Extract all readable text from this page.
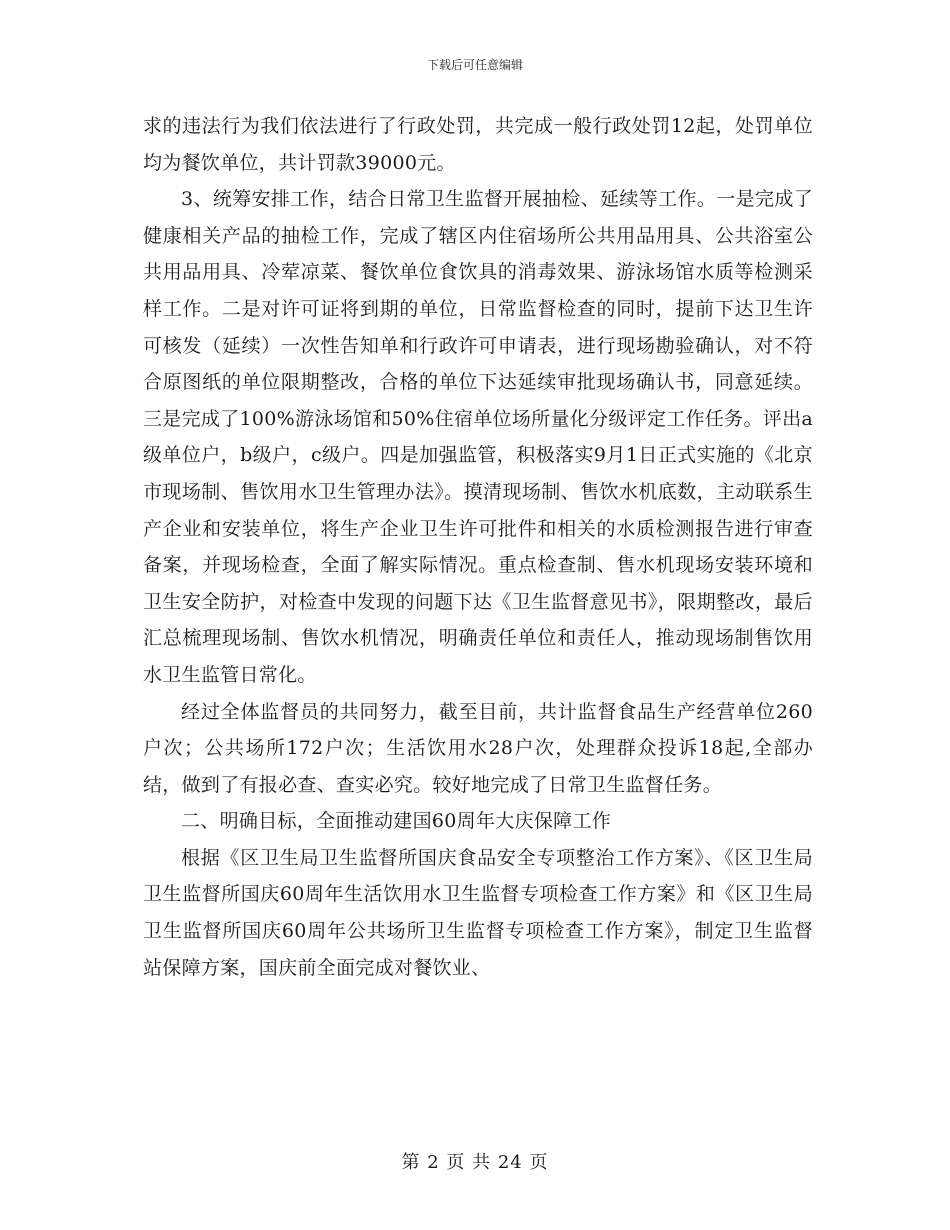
下载后可任意编辑

求的违法行为我们依法进行了行政处罚，共完成一般行政处罚12起，处罚单位均为餐饮单位，共计罚款39000元。

3、统筹安排工作，结合日常卫生监督开展抽检、延续等工作。一是完成了健康相关产品的抽检工作，完成了辖区内住宿场所公共用品用具、公共浴室公共用品用具、冷荤凉菜、餐饮单位食饮具的消毒效果、游泳场馆水质等检测采样工作。二是对许可证将到期的单位，日常监督检查的同时，提前下达卫生许可核发（延续）一次性告知单和行政许可申请表，进行现场勘验确认，对不符合原图纸的单位限期整改，合格的单位下达延续审批现场确认书，同意延续。三是完成了100%游泳场馆和50%住宿单位场所量化分级评定工作任务。评出a级单位户，b级户，c级户。四是加强监管，积极落实9月1日正式实施的《北京市现场制、售饮用水卫生管理办法》。摸清现场制、售饮水机底数，主动联系生产企业和安装单位，将生产企业卫生许可批件和相关的水质检测报告进行审查备案，并现场检查，全面了解实际情况。重点检查制、售水机现场安装环境和卫生安全防护，对检查中发现的问题下达《卫生监督意见书》，限期整改，最后汇总梳理现场制、售饮水机情况，明确责任单位和责任人，推动现场制售饮用水卫生监管日常化。

经过全体监督员的共同努力，截至目前，共计监督食品生产经营单位260户次；公共场所172户次；生活饮用水28户次，处理群众投诉18起,全部办结，做到了有报必查、查实必究。较好地完成了日常卫生监督任务。

二、明确目标，全面推动建国60周年大庆保障工作

根据《区卫生局卫生监督所国庆食品安全专项整治工作方案》、《区卫生局卫生监督所国庆60周年生活饮用水卫生监督专项检查工作方案》和《区卫生局卫生监督所国庆60周年公共场所卫生监督专项检查工作方案》，制定卫生监督站保障方案，国庆前全面完成对餐饮业、

第 2 页 共 24 页
